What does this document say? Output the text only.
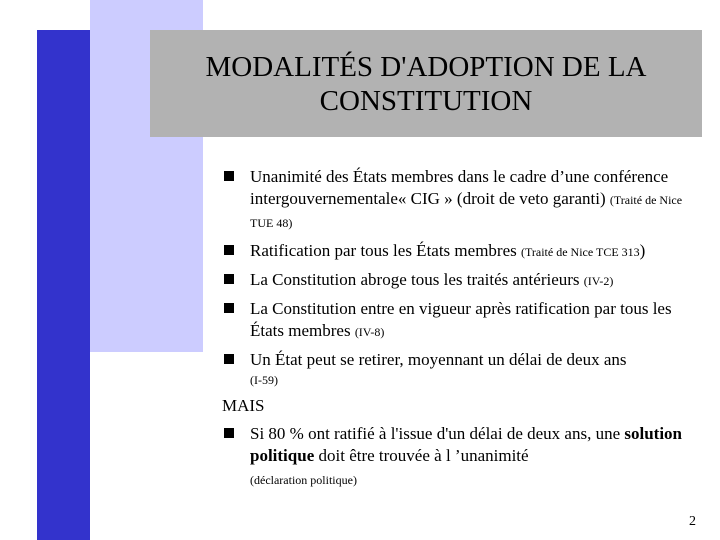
MODALITÉS D'ADOPTION DE LA
CONSTITUTION
Unanimité des États membres dans le cadre d’une conférence intergouvernementale« CIG » (droit de veto garanti) (Traité de Nice TUE 48)
Ratification par tous les États membres (Traité de Nice TCE 313)
La Constitution abroge tous les traités antérieurs (IV-2)
La Constitution entre en vigueur après ratification par tous les États membres (IV-8)
Un État peut se retirer, moyennant un délai de deux ans
(I-59)
MAIS
Si 80 % ont ratifié à l'issue d'un délai de deux ans, une solution politique doit être trouvée à l ’unanimité
(déclaration politique)
2
